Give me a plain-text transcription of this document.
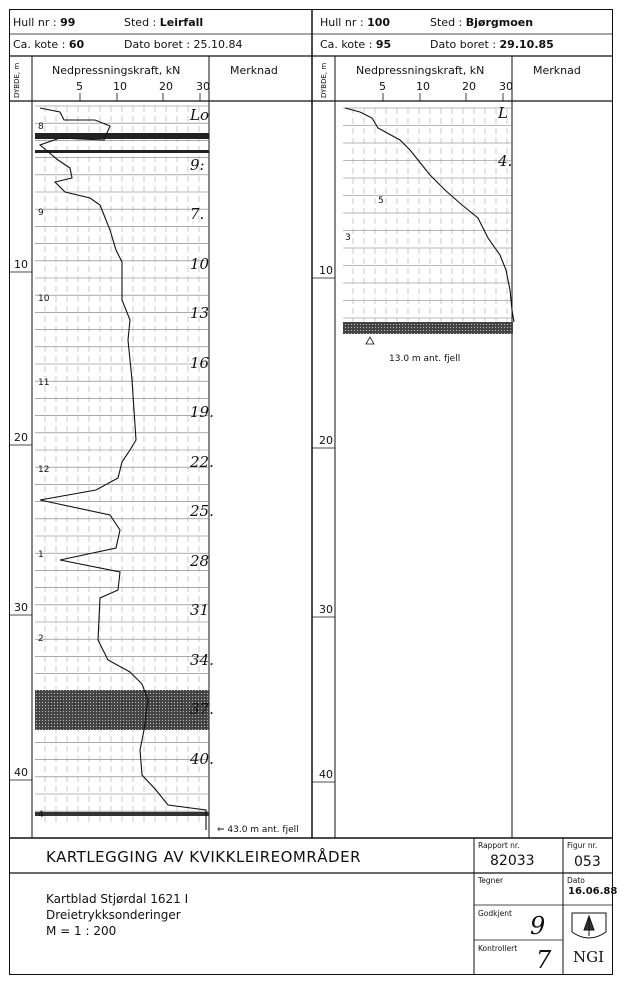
Hull nr : 99	Sted : Leirfall
Ca. kote : 60	Dato boret : 25.10.84
Hull nr : 100	Sted : Bjørgmoen
Ca. kote : 95	Dato boret : 29.10.85
DYBDE, m	Nedpressningskraft, kN	Merknad	DYBDE, m	Nedpressningskraft, kN	Merknad
5	10	20 30	5	10	20 30
10
20
30
40
10
20
30
40
⇐ 43.0 m ant. fjell
13.0 m ant. fjell
Lo
9:
7.
10
13
16
19.
22.
25.
28
31
34.
37.
40.
L
4.
KARTLEGGING AV KVIKKLEIREOMRÅDER
Kartblad Stjørdal 1621 I
Dreietrykksonderinger
M = 1 : 200
Rapport nr.
82033
Figur nr.
053
Tegner	Dato
16.06.88
Godkjent 9
Kontrollert 7 NGI
8
9
10
11
12
1
2
4
5
3
